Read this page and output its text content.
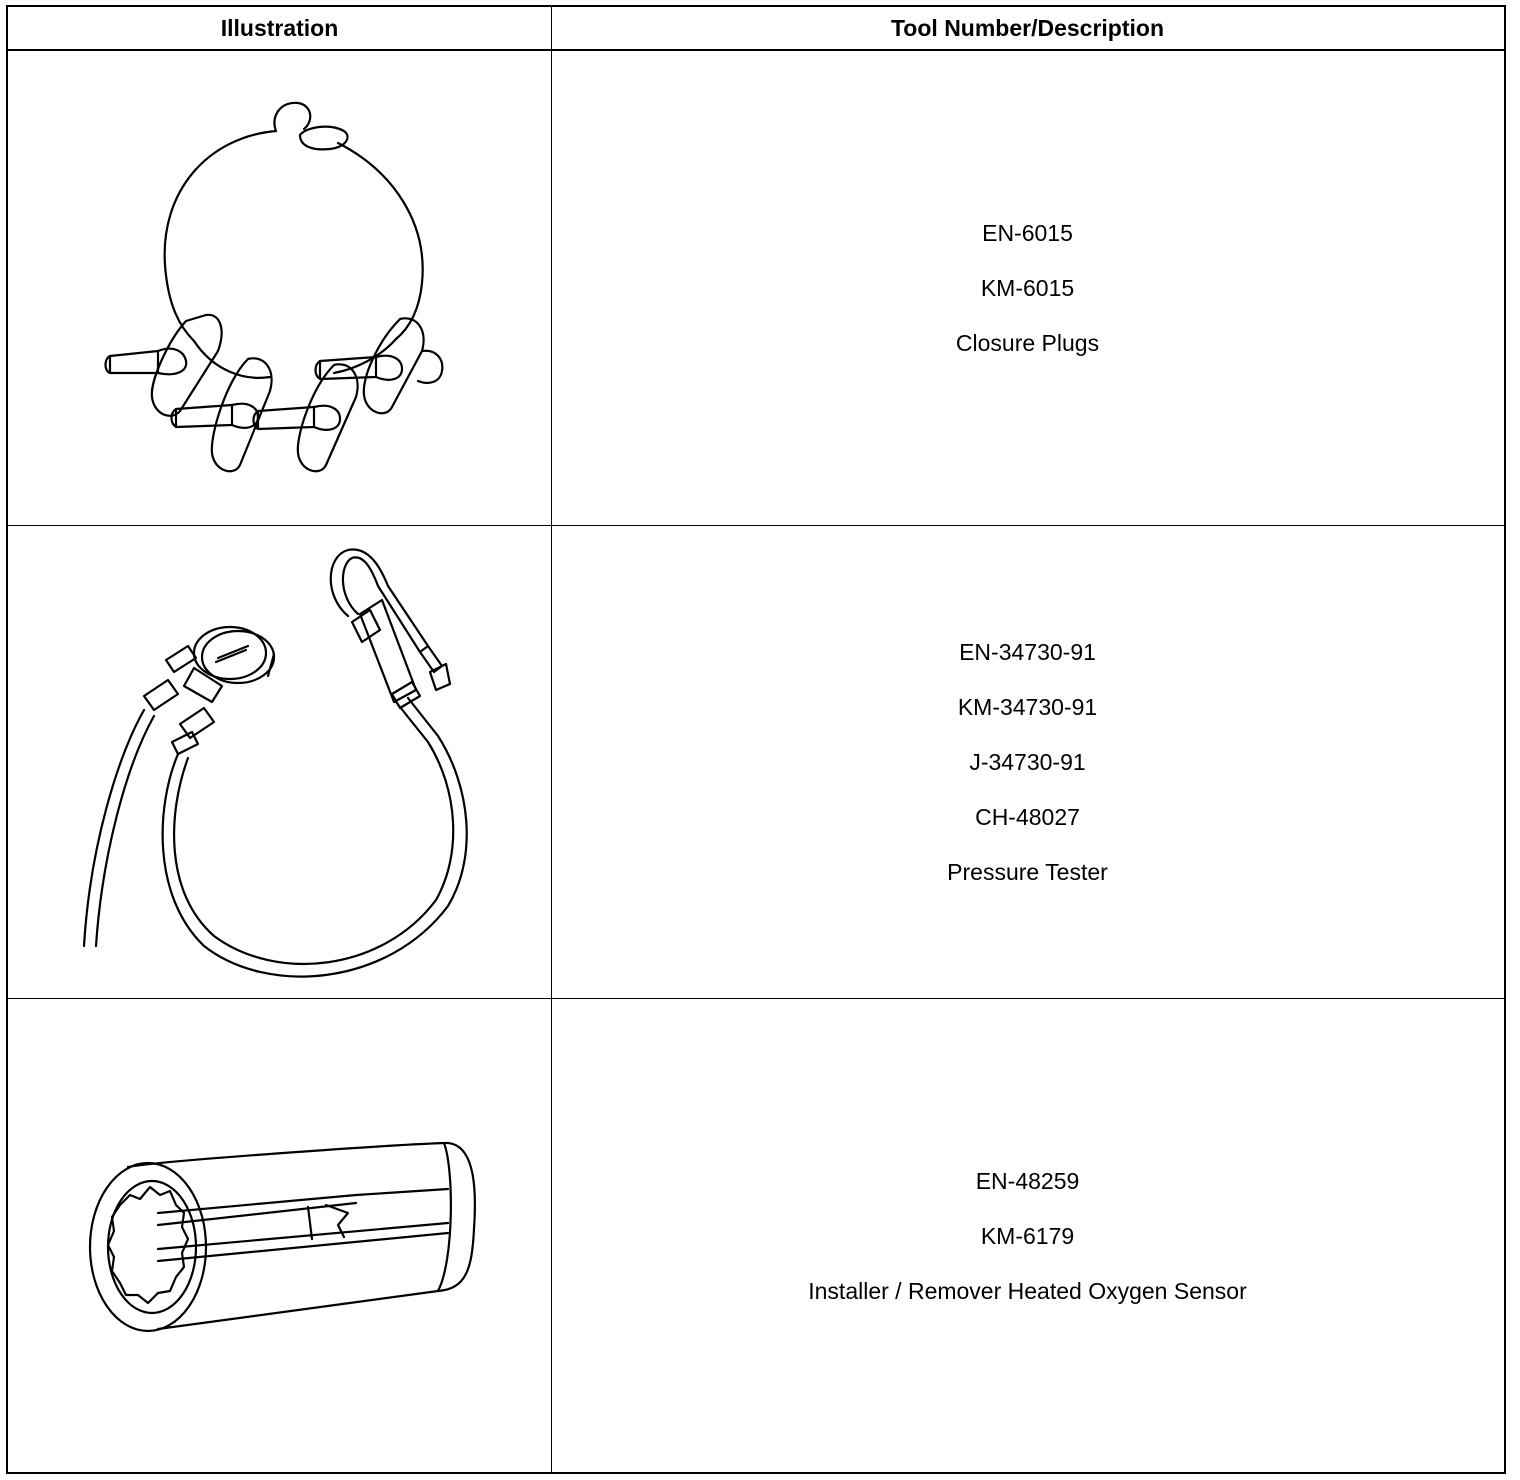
Illustration	Tool Number/Description
EN-6015
KM-6015
Closure Plugs
EN-34730-91
KM-34730-91
J-34730-91
CH-48027
Pressure Tester
EN-48259
KM-6179
Installer / Remover Heated Oxygen Sensor
